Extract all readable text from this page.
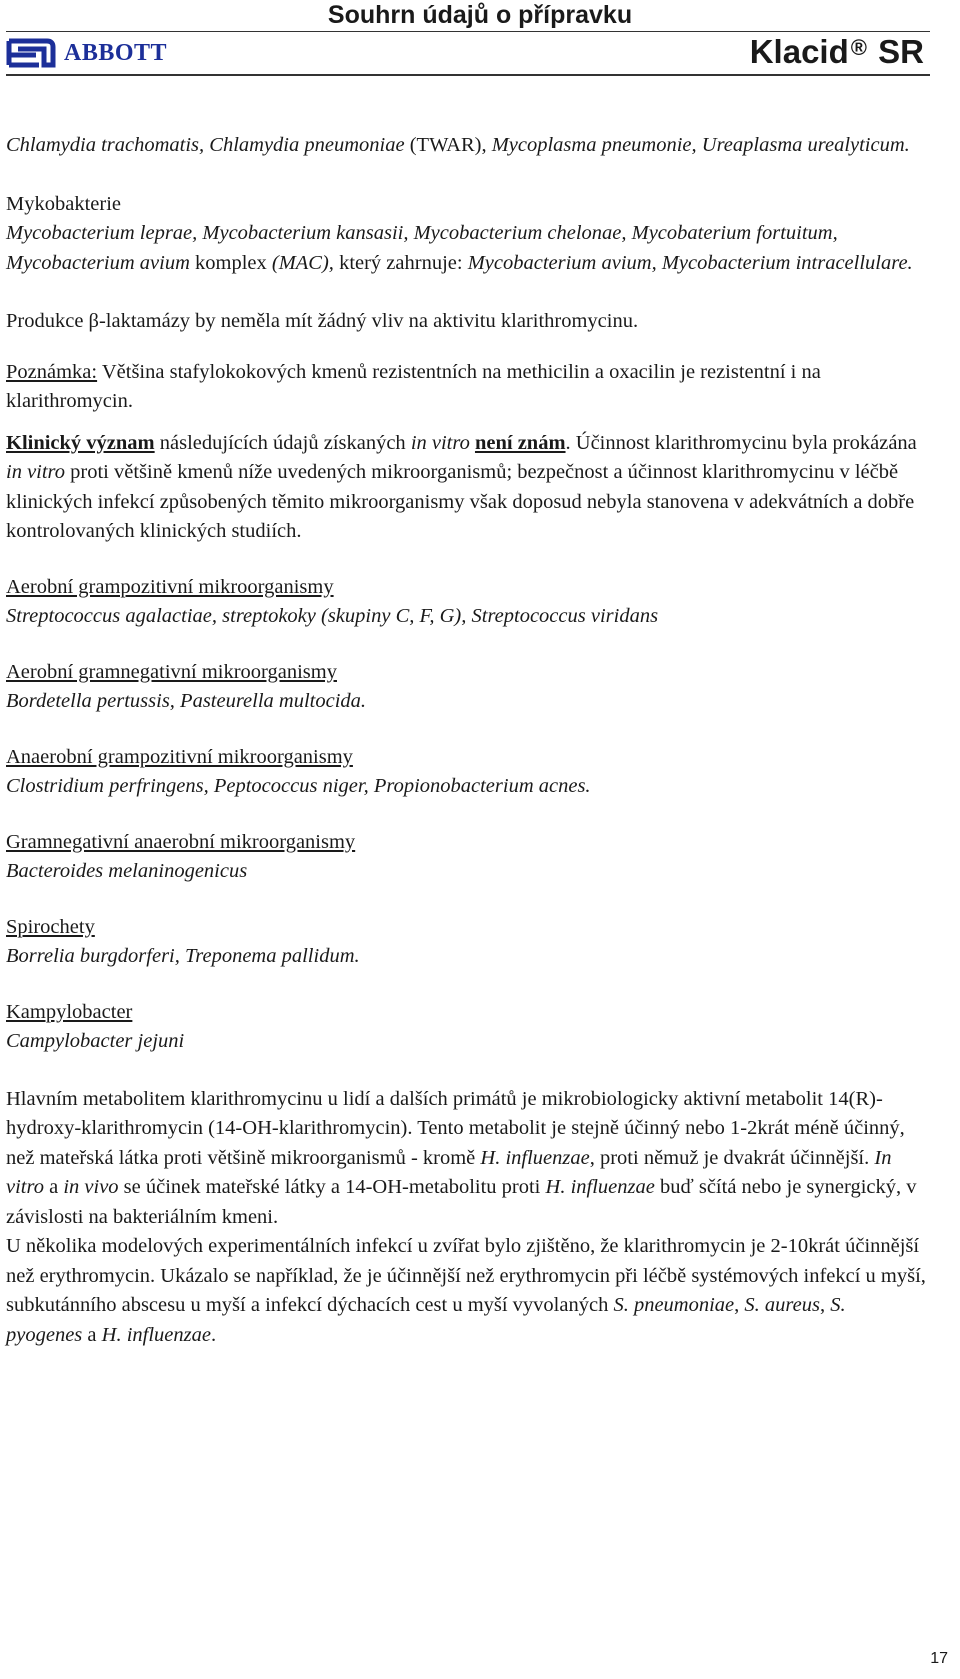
Souhrn údajů o přípravku
ABBOTT	Klacid® SR

Chlamydia trachomatis, Chlamydia pneumoniae (TWAR), Mycoplasma pneumonie, Ureaplasma urealyticum.

Mykobakterie
Mycobacterium leprae, Mycobacterium kansasii, Mycobacterium chelonae, Mycobaterium fortuitum, Mycobacterium avium komplex (MAC), který zahrnuje: Mycobacterium avium, Mycobacterium intracellulare.

Produkce β-laktamázy by neměla mít žádný vliv na aktivitu klarithromycinu.

Poznámka: Většina stafylokokových kmenů rezistentních na methicilin a oxacilin je rezistentní i na klarithromycin.

Klinický význam následujících údajů získaných in vitro není znám. Účinnost klarithromycinu byla prokázána in vitro proti většině kmenů níže uvedených mikroorganismů; bezpečnost a účinnost klarithromycinu v léčbě klinických infekcí způsobených těmito mikroorganismy však doposud nebyla stanovena v adekvátních a dobře kontrolovaných klinických studiích.

Aerobní grampozitivní mikroorganismy
Streptococcus agalactiae, streptokoky (skupiny C, F, G), Streptococcus viridans

Aerobní gramnegativní mikroorganismy
Bordetella pertussis, Pasteurella multocida.

Anaerobní grampozitivní mikroorganismy
Clostridium perfringens, Peptococcus niger, Propionobacterium acnes.

Gramnegativní anaerobní mikroorganismy
Bacteroides melaninogenicus

Spirochety
Borrelia burgdorferi, Treponema pallidum.

Kampylobacter
Campylobacter jejuni

Hlavním metabolitem klarithromycinu u lidí a dalších primátů je mikrobiologicky aktivní metabolit 14(R)-hydroxy-klarithromycin (14-OH-klarithromycin). Tento metabolit je stejně účinný nebo 1-2krát méně účinný, než mateřská látka proti většině mikroorganismů - kromě H. influenzae, proti němuž je dvakrát účinnější. In vitro a in vivo se účinek mateřské látky a 14-OH-metabolitu proti H. influenzae buď sčítá nebo je synergický, v závislosti na bakteriálním kmeni.

U několika modelových experimentálních infekcí u zvířat bylo zjištěno, že klarithromycin je 2-10krát účinnější než erythromycin. Ukázalo se například, že je účinnější než erythromycin při léčbě systémových infekcí u myší, subkutánního abscesu u myší a infekcí dýchacích cest u myší vyvolaných S. pneumoniae, S. aureus, S. pyogenes a H. influenzae.

17
